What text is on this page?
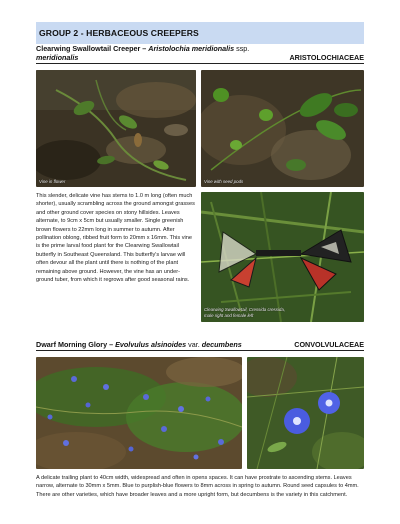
GROUP 2 - HERBACEOUS CREEPERS
Clearwing Swallowtail Creeper – Aristolochia meridionalis ssp. meridionalis	ARISTOLOCHIACEAE
Vine in flower	Vine with seed pods
This slender, delicate vine has stems to 1.0 m long (often much shorter), usually scrambling across the ground amongst grasses and other ground cover species on stony hillsides. Leaves alternate, to 9cm x 5cm but usually smaller. Single greenish brown flowers to 22mm long in summer to autumn. After pollination oblong, ribbed fruit form to 20mm x 16mm. This vine is the prime larval food plant for the Clearwing Swallowtail butterfly in Southeast Queensland. This butterfly's larvae will often devour all the plant until there is nothing of the plant remaining above ground. However, the vine has an under-ground tuber, from which it regrows after good seasonal rains.
Clearwing Swallowtail, Cressida cressida,
male right and female left
Dwarf Morning Glory – Evolvulus alsinoides var. decumbens	CONVOLVULACEAE
A delicate trailing plant to 40cm width, widespread and often in opens spaces. It can have prostrate to ascending stems. Leaves narrow, alternate to 30mm x 5mm. Blue to purplish-blue flowers to 8mm across in spring to autumn. Round seed capsules to 4mm. There are other varieties, which have broader leaves and a more upright form, but decumbens is the variety in this catchment.
